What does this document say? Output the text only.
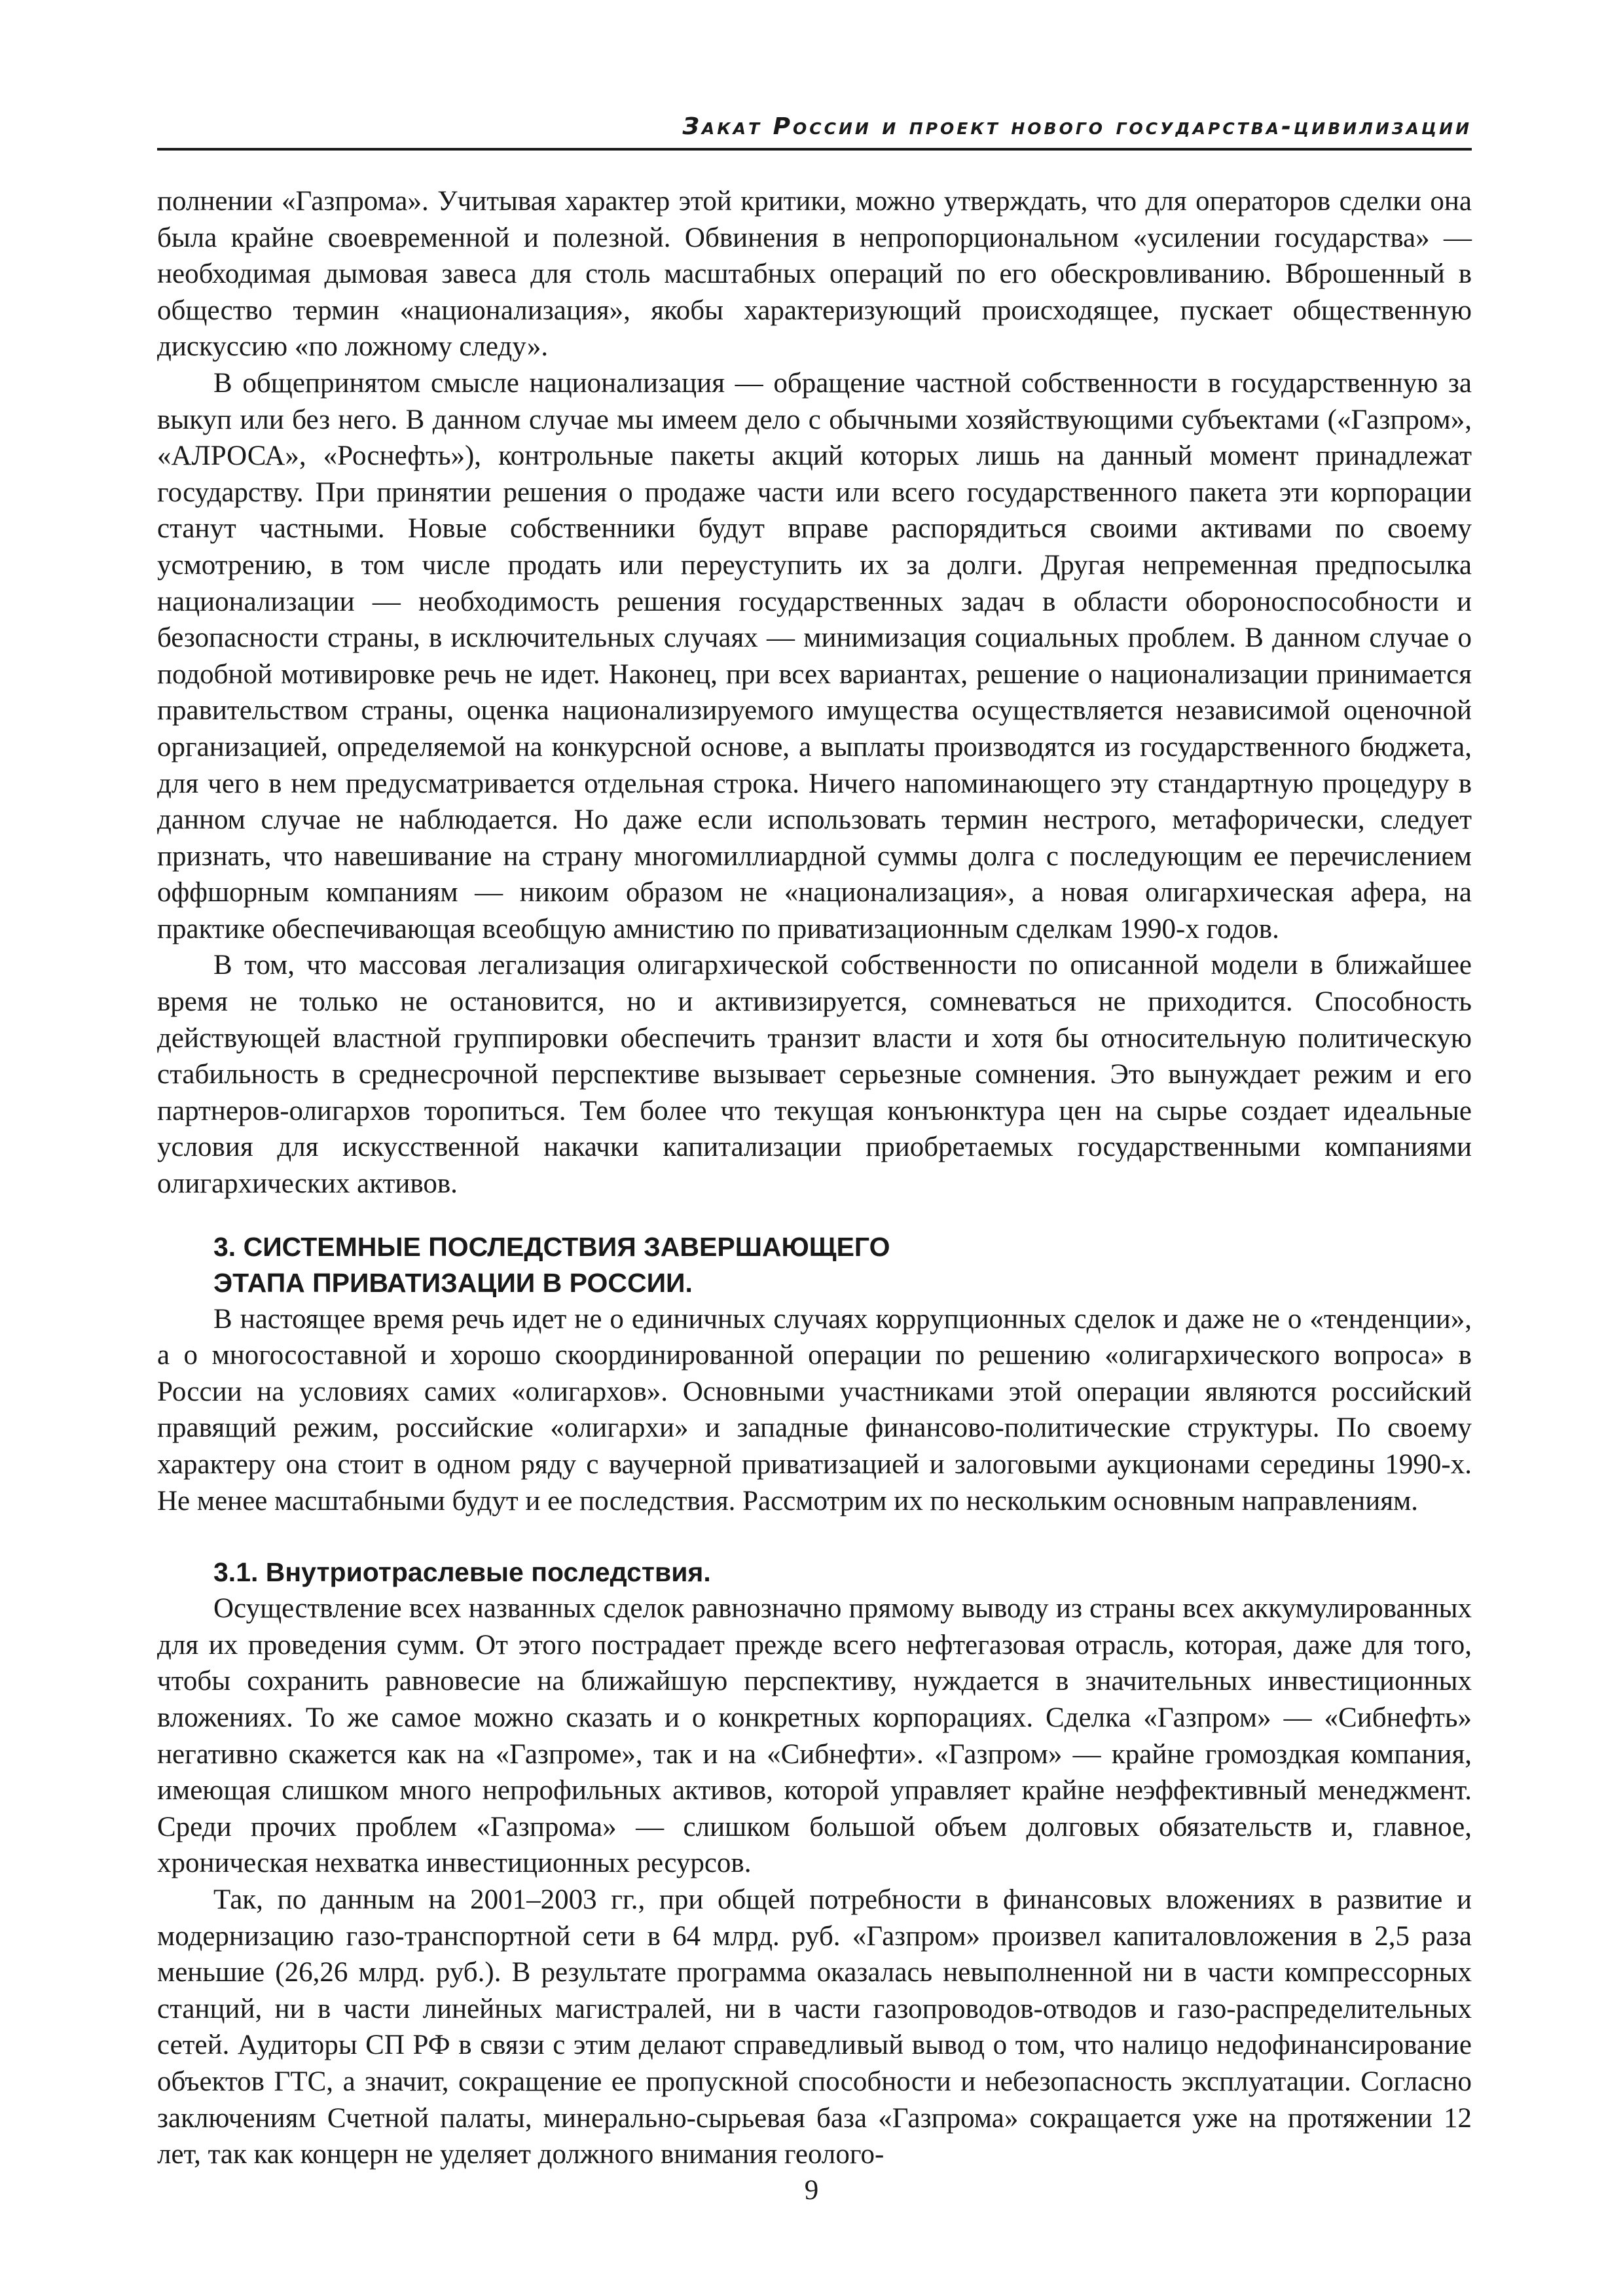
Закат России и проект нового государства-цивилизации

полнении «Газпрома». Учитывая характер этой критики, можно утверждать, что для операторов сделки она была крайне своевременной и полезной. Обвинения в непропорциональном «усилении государства» — необходимая дымовая завеса для столь масштабных операций по его обескровливанию. Вброшенный в общество термин «национализация», якобы характеризующий происходящее, пускает общественную дискуссию «по ложному следу».

В общепринятом смысле национализация — обращение частной собственности в государственную за выкуп или без него. В данном случае мы имеем дело с обычными хозяйствующими субъектами («Газпром», «АЛРОСА», «Роснефть»), контрольные пакеты акций которых лишь на данный момент принадлежат государству. При принятии решения о продаже части или всего государственного пакета эти корпорации станут частными. Новые собственники будут вправе распорядиться своими активами по своему усмотрению, в том числе продать или переуступить их за долги. Другая непременная предпосылка национализации — необходимость решения государственных задач в области обороноспособности и безопасности страны, в исключительных случаях — минимизация социальных проблем. В данном случае о подобной мотивировке речь не идет. Наконец, при всех вариантах, решение о национализации принимается правительством страны, оценка национализируемого имущества осуществляется независимой оценочной организацией, определяемой на конкурсной основе, а выплаты производятся из государственного бюджета, для чего в нем предусматривается отдельная строка. Ничего напоминающего эту стандартную процедуру в данном случае не наблюдается. Но даже если использовать термин нестрого, метафорически, следует признать, что навешивание на страну многомиллиардной суммы долга с последующим ее перечислением оффшорным компаниям — никоим образом не «национализация», а новая олигархическая афера, на практике обеспечивающая всеобщую амнистию по приватизационным сделкам 1990-х годов.

В том, что массовая легализация олигархической собственности по описанной модели в ближайшее время не только не остановится, но и активизируется, сомневаться не приходится. Способность действующей властной группировки обеспечить транзит власти и хотя бы относительную политическую стабильность в среднесрочной перспективе вызывает серьезные сомнения. Это вынуждает режим и его партнеров-олигархов торопиться. Тем более что текущая конъюнктура цен на сырье создает идеальные условия для искусственной накачки капитализации приобретаемых государственными компаниями олигархических активов.

3. СИСТЕМНЫЕ ПОСЛЕДСТВИЯ ЗАВЕРШАЮЩЕГО
ЭТАПА ПРИВАТИЗАЦИИ В РОССИИ.

В настоящее время речь идет не о единичных случаях коррупционных сделок и даже не о «тенденции», а о многосоставной и хорошо скоординированной операции по решению «олигархического вопроса» в России на условиях самих «олигархов». Основными участниками этой операции являются российский правящий режим, российские «олигархи» и западные финансово-политические структуры. По своему характеру она стоит в одном ряду с ваучерной приватизацией и залоговыми аукционами середины 1990-х. Не менее масштабными будут и ее последствия. Рассмотрим их по нескольким основным направлениям.

3.1. Внутриотраслевые последствия.

Осуществление всех названных сделок равнозначно прямому выводу из страны всех аккумулированных для их проведения сумм. От этого пострадает прежде всего нефтегазовая отрасль, которая, даже для того, чтобы сохранить равновесие на ближайшую перспективу, нуждается в значительных инвестиционных вложениях. То же самое можно сказать и о конкретных корпорациях. Сделка «Газпром» — «Сибнефть» негативно скажется как на «Газпроме», так и на «Сибнефти». «Газпром» — крайне громоздкая компания, имеющая слишком много непрофильных активов, которой управляет крайне неэффективный менеджмент. Среди прочих проблем «Газпрома» — слишком большой объем долговых обязательств и, главное, хроническая нехватка инвестиционных ресурсов.

Так, по данным на 2001–2003 гг., при общей потребности в финансовых вложениях в развитие и модернизацию газо-транспортной сети в 64 млрд. руб. «Газпром» произвел капиталовложения в 2,5 раза меньшие (26,26 млрд. руб.). В результате программа оказалась невыполненной ни в части компрессорных станций, ни в части линейных магистралей, ни в части газопроводов-отводов и газо-распределительных сетей. Аудиторы СП РФ в связи с этим делают справедливый вывод о том, что налицо недофинансирование объектов ГТС, а значит, сокращение ее пропускной способности и небезопасность эксплуатации. Согласно заключениям Счетной палаты, минерально-сырьевая база «Газпрома» сокращается уже на протяжении 12 лет, так как концерн не уделяет должного внимания геолого-

9
